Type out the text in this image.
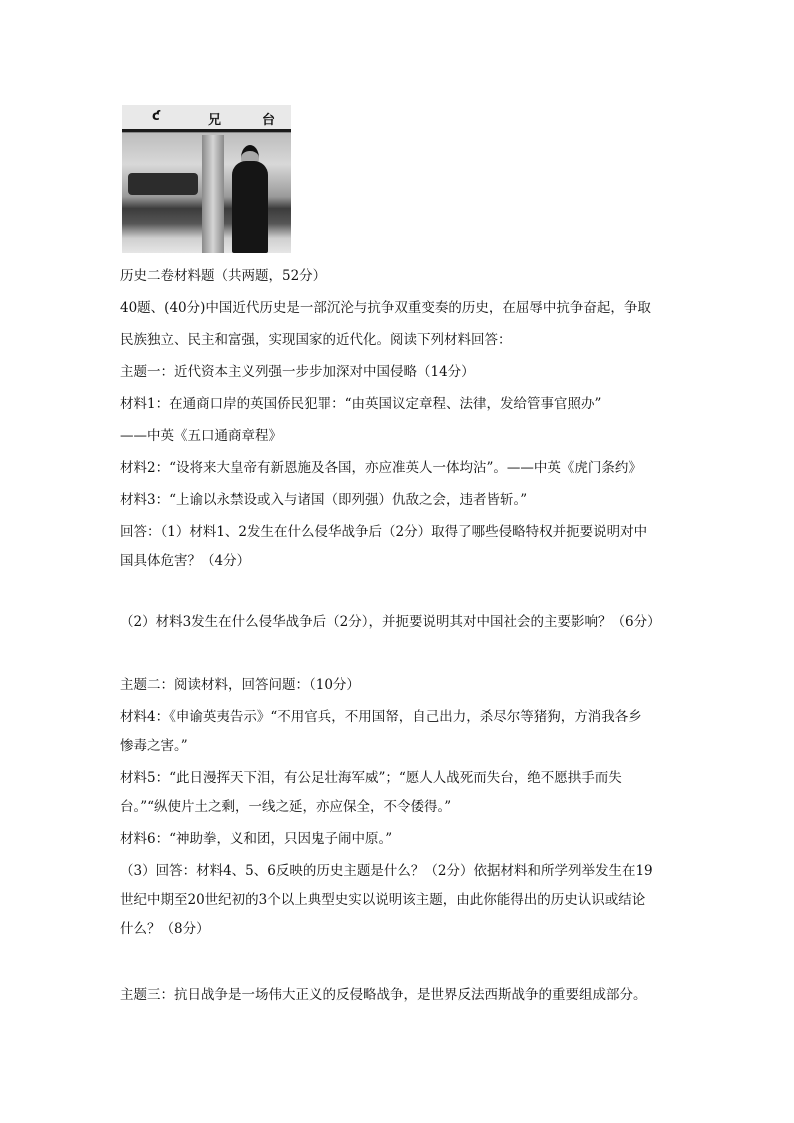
ƈ	兄	台
历史二卷材料题（共两题，52分）
40题、(40分)中国近代历史是一部沉沦与抗争双重变奏的历史，在屈辱中抗争奋起，争取
民族独立、民主和富强，实现国家的近代化。阅读下列材料回答：
主题一：近代资本主义列强一步步加深对中国侵略（14分）
材料1：在通商口岸的英国侨民犯罪：“由英国议定章程、法律，发给管事官照办”
——中英《五口通商章程》
材料2：“设将来大皇帝有新恩施及各国，亦应准英人一体均沾”。——中英《虎门条约》
材料3：“上谕以永禁设或入与诸国（即列强）仇敌之会，违者皆斩。”
回答：（1）材料1、2发生在什么侵华战争后（2分）取得了哪些侵略特权并扼要说明对中
国具体危害？（4分）
（2）材料3发生在什么侵华战争后（2分），并扼要说明其对中国社会的主要影响？（6分）
主题二：阅读材料，回答问题：（10分）
材料4：《申谕英夷告示》“不用官兵，不用国帑，自己出力，杀尽尔等猪狗，方消我各乡
惨毒之害。”
材料5：“此日漫挥天下泪，有公足壮海军威”；“愿人人战死而失台，绝不愿拱手而失
台。”“纵使片土之剩，一线之延，亦应保全，不令倭得。”
材料6：“神助拳，义和团，只因鬼子闹中原。”
（3）回答：材料4、5、6反映的历史主题是什么？（2分）依据材料和所学列举发生在19
世纪中期至20世纪初的3个以上典型史实以说明该主题，由此你能得出的历史认识或结论
什么？（8分）
主题三：抗日战争是一场伟大正义的反侵略战争，是世界反法西斯战争的重要组成部分。
